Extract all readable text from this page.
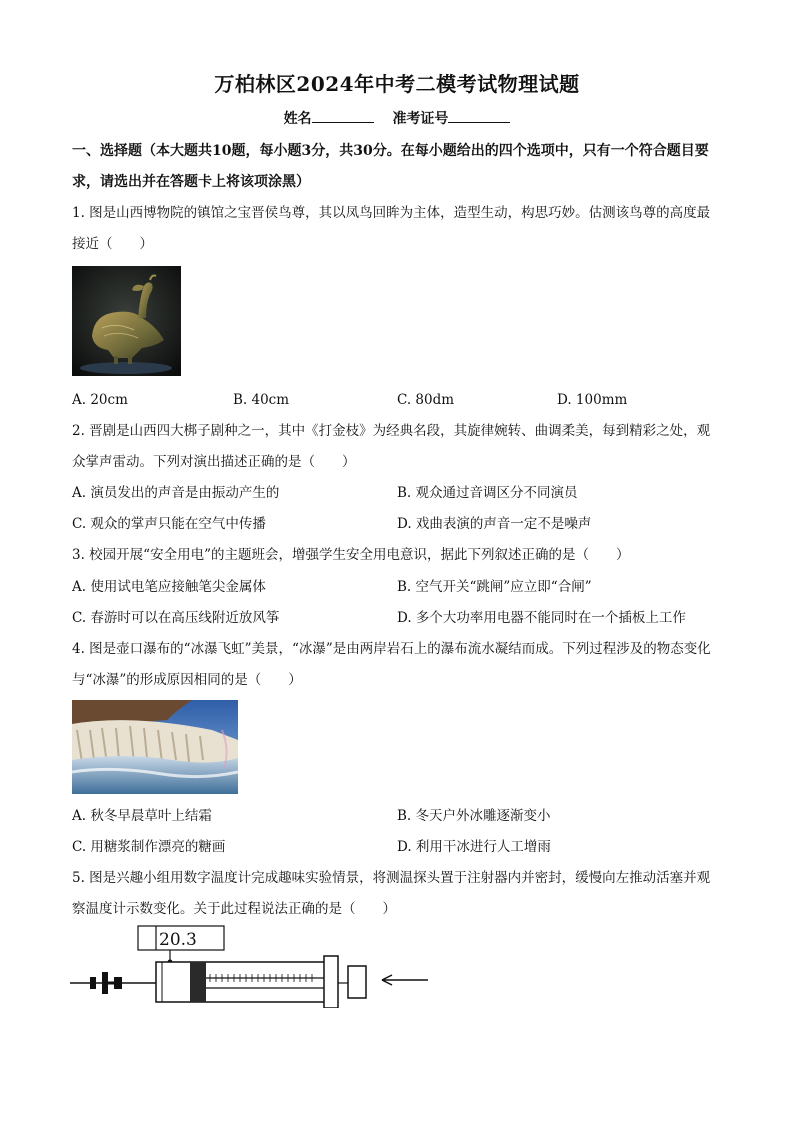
万柏林区2024年中考二模考试物理试题
姓名	准考证号
一、选择题（本大题共10题，每小题3分，共30分。在每小题给出的四个选项中，只有一个符合题目要求，请选出并在答题卡上将该项涂黑）
1. 图是山西博物院的镇馆之宝晋侯鸟尊，其以凤鸟回眸为主体，造型生动，构思巧妙。估测该鸟尊的高度最接近（　　）
A. 20cm	B. 40cm	C. 80dm	D. 100mm
2. 晋剧是山西四大梆子剧种之一，其中《打金枝》为经典名段，其旋律婉转、曲调柔美，每到精彩之处，观众掌声雷动。下列对演出描述正确的是（　　）
A. 演员发出的声音是由振动产生的	B. 观众通过音调区分不同演员
C. 观众的掌声只能在空气中传播	D. 戏曲表演的声音一定不是噪声
3. 校园开展“安全用电”的主题班会，增强学生安全用电意识，据此下列叙述正确的是（　　）
A. 使用试电笔应接触笔尖金属体	B. 空气开关“跳闸”应立即“合闸”
C. 春游时可以在高压线附近放风筝	D. 多个大功率用电器不能同时在一个插板上工作
4. 图是壶口瀑布的“冰瀑飞虹”美景，“冰瀑”是由两岸岩石上的瀑布流水凝结而成。下列过程涉及的物态变化与“冰瀑”的形成原因相同的是（　　）
A. 秋冬早晨草叶上结霜	B. 冬天户外冰雕逐渐变小
C. 用糖浆制作漂亮的糖画	D. 利用干冰进行人工增雨
5. 图是兴趣小组用数字温度计完成趣味实验情景，将测温探头置于注射器内并密封，缓慢向左推动活塞并观察温度计示数变化。关于此过程说法正确的是（　　）
20.3
